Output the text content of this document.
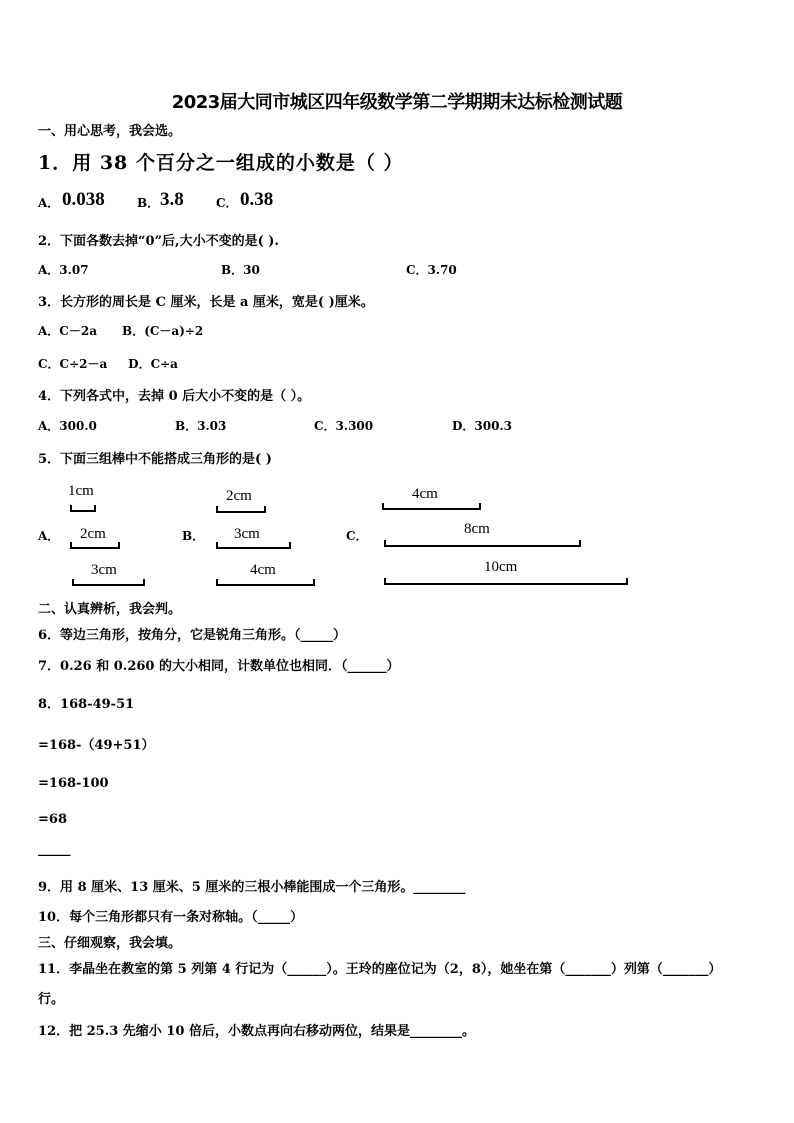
2023届大同市城区四年级数学第二学期期末达标检测试题
一、用心思考，我会选。
1．用 38 个百分之一组成的小数是（ ）
A． 0.038	B． 3.8	C． 0.38
2．下面各数去掉“0”后,大小不变的是( ).
A．3.07	B．30	C．3.70
3．长方形的周长是 C 厘米，长是 a 厘米，宽是( )厘米。
A．C－2a      B．(C－a)÷2
C．C÷2－a     D．C÷a
4．下列各式中，去掉 0 后大小不变的是（ ）。
A．300.0	B．3.03	C．3.300	D．300.3
5．下面三组棒中不能搭成三角形的是( )
A．	B．	C．
1cm
2cm
3cm
2cm
3cm
4cm
4cm
8cm
10cm
二、认真辨析，我会判。
6．等边三角形，按角分，它是锐角三角形。（_____）
7．0.26 和 0.260 的大小相同，计数单位也相同．（______）
8．168-49-51
=168-（49+51）
=168-100
=68
_____
9．用 8 厘米、13 厘米、5 厘米的三根小棒能围成一个三角形。________
10．每个三角形都只有一条对称轴。（_____）
三、仔细观察，我会填。
11．李晶坐在教室的第 5 列第 4 行记为（______）。王玲的座位记为（2，8），她坐在第（_______）列第（_______）
行。
12．把 25.3 先缩小 10 倍后，小数点再向右移动两位，结果是________。
